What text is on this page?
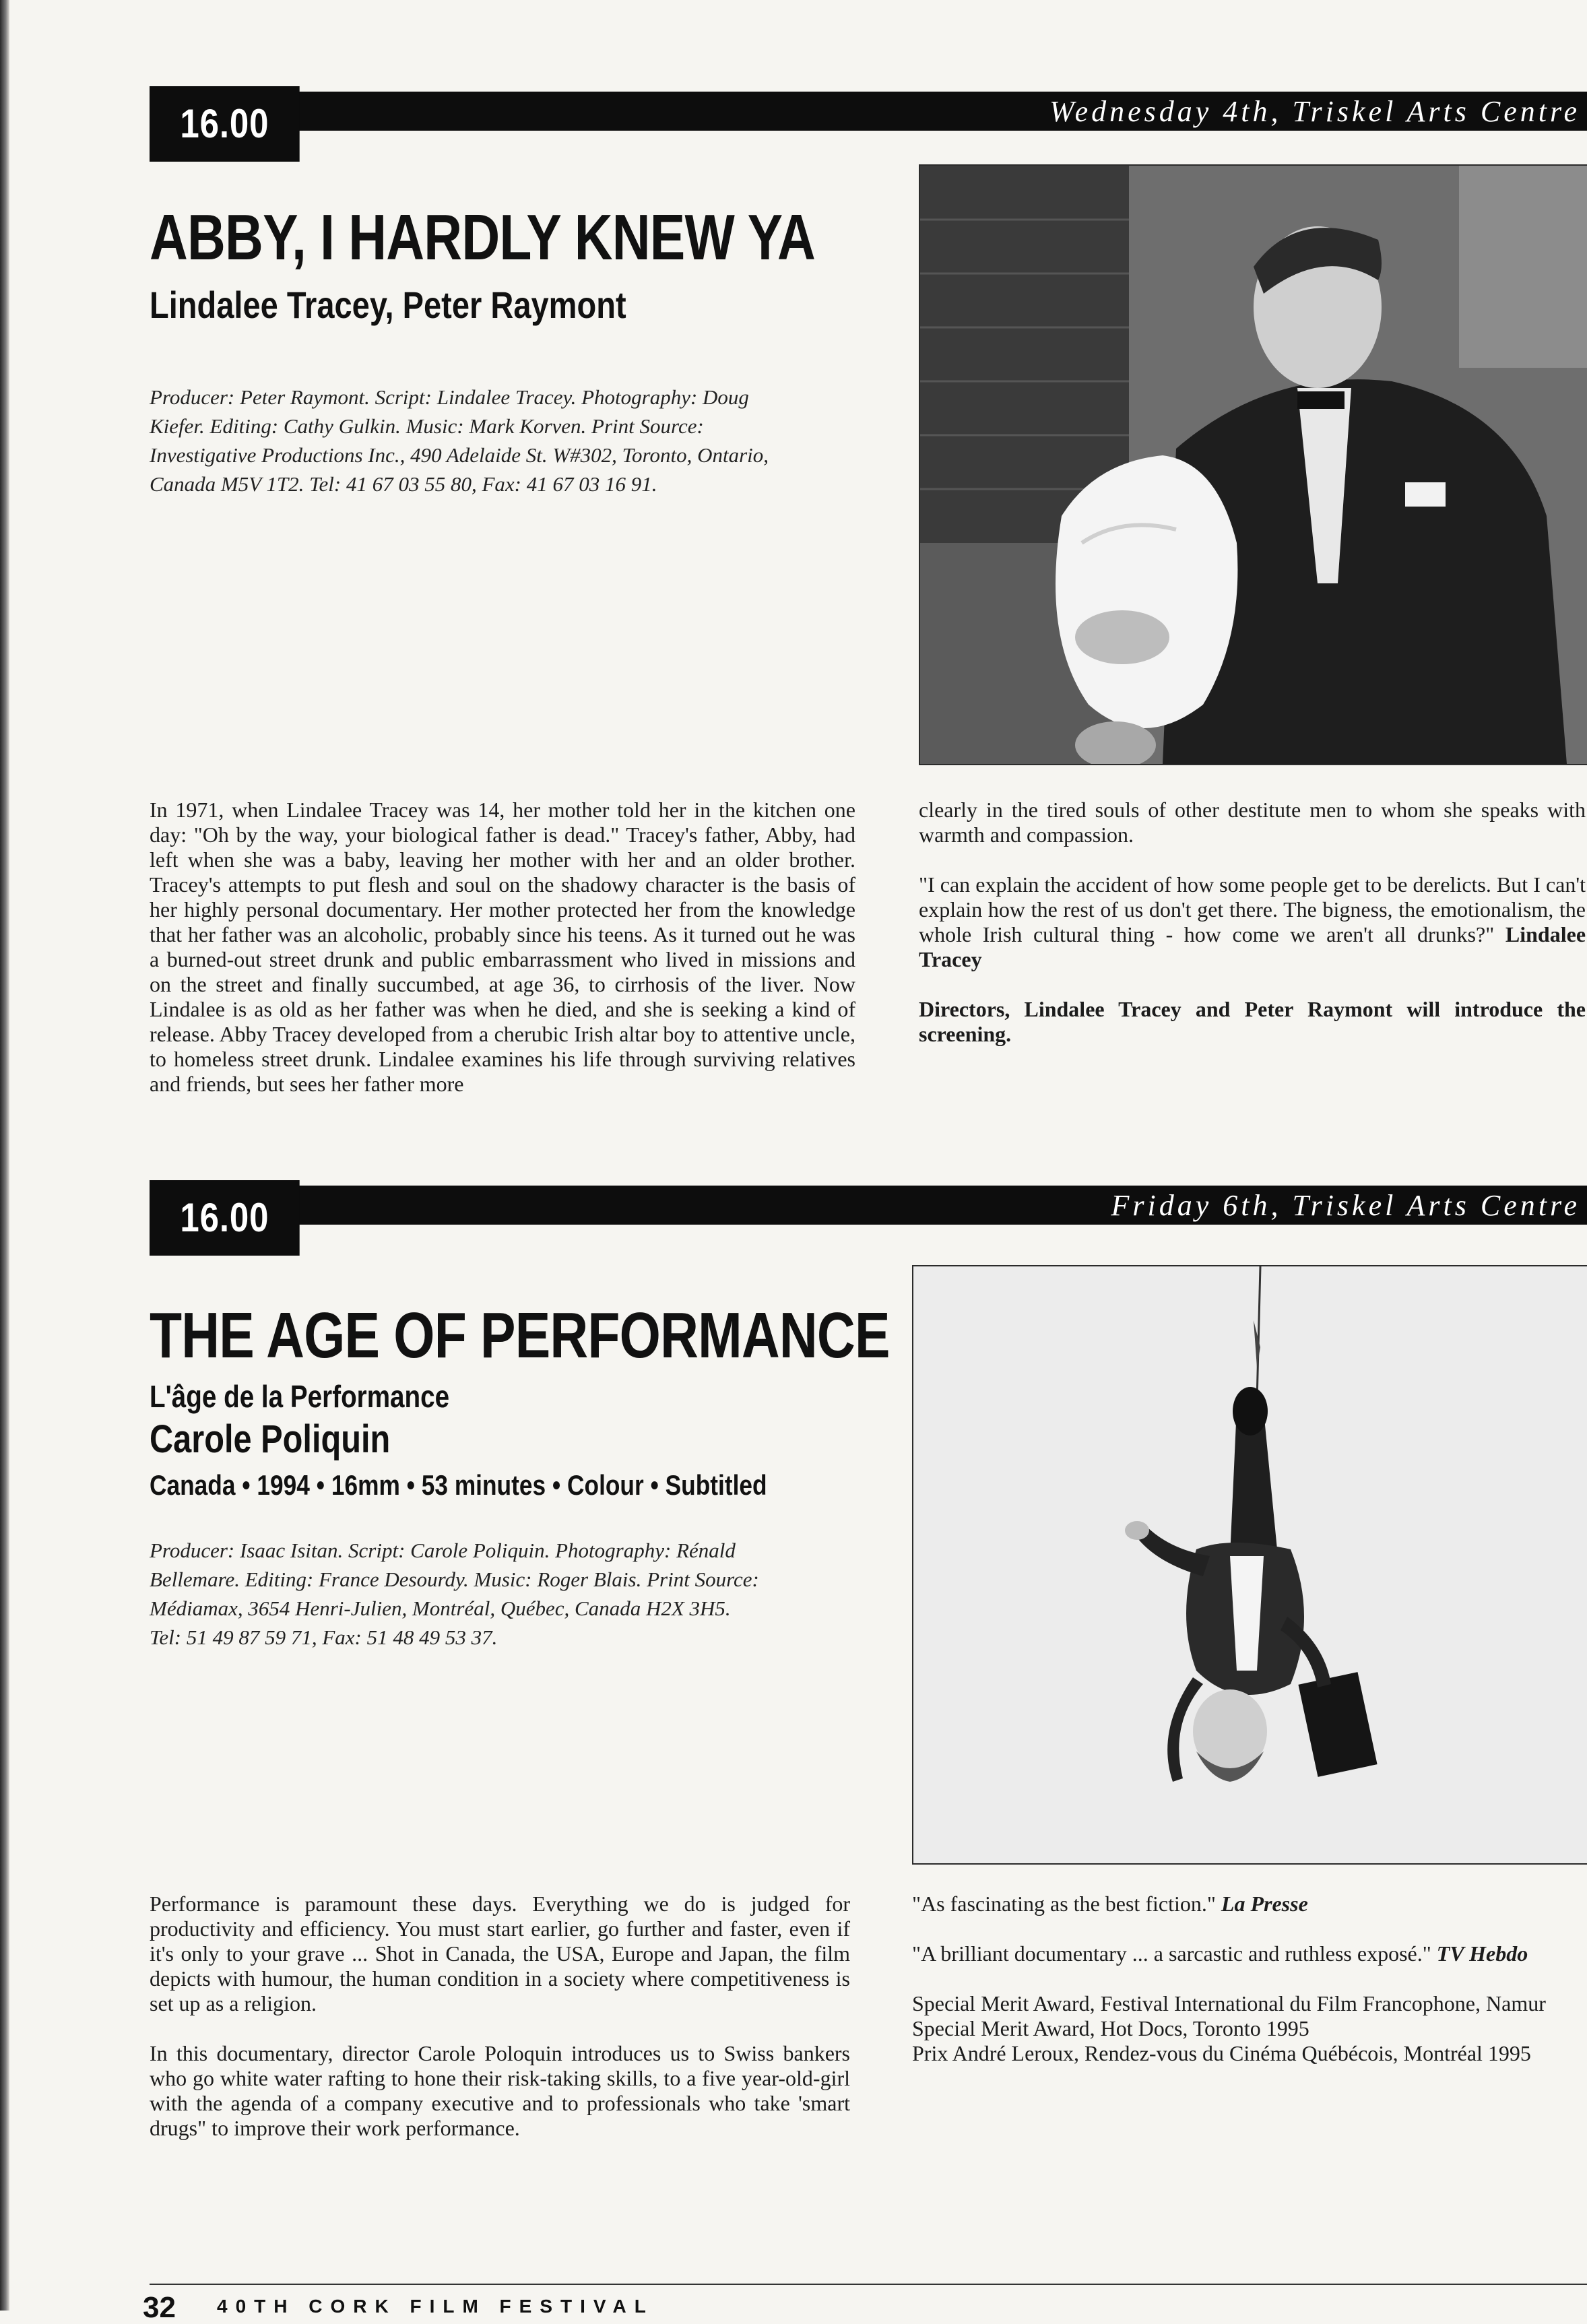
Wednesday 4th, Triskel Arts Centre
16.00
ABBY, I HARDLY KNEW YA
Lindalee Tracey, Peter Raymont
Producer: Peter Raymont. Script: Lindalee Tracey. Photography: Doug
Kiefer. Editing: Cathy Gulkin. Music: Mark Korven. Print Source:
Investigative Productions Inc., 490 Adelaide St. W#302, Toronto, Ontario,
Canada M5V 1T2. Tel: 41 67 03 55 80, Fax: 41 67 03 16 91.

In 1971, when Lindalee Tracey was 14, her mother told her in the kitchen one day: "Oh by the way, your biological father is dead." Tracey's father, Abby, had left when she was a baby, leaving her mother with her and an older brother. Tracey's attempts to put flesh and soul on the shadowy character is the basis of her highly personal documentary. Her mother protected her from the knowledge that her father was an alcoholic, probably since his teens. As it turned out he was a burned-out street drunk and public embarrassment who lived in missions and on the street and finally succumbed, at age 36, to cirrhosis of the liver. Now Lindalee is as old as her father was when he died, and she is seeking a kind of release. Abby Tracey developed from a cherubic Irish altar boy to attentive uncle, to homeless street drunk. Lindalee examines his life through surviving relatives and friends, but sees her father more

clearly in the tired souls of other destitute men to whom she speaks with warmth and compassion.

"I can explain the accident of how some people get to be derelicts. But I can't explain how the rest of us don't get there. The bigness, the emotionalism, the whole Irish cultural thing - how come we aren't all drunks?" Lindalee Tracey

Directors, Lindalee Tracey and Peter Raymont will introduce the screening.

Friday 6th, Triskel Arts Centre
16.00
THE AGE OF PERFORMANCE
L'âge de la Performance
Carole Poliquin
Canada • 1994 • 16mm • 53 minutes • Colour • Subtitled
Producer: Isaac Isitan. Script: Carole Poliquin. Photography: Rénald
Bellemare. Editing: France Desourdy. Music: Roger Blais. Print Source:
Médiamax, 3654 Henri-Julien, Montréal, Québec, Canada H2X 3H5.
Tel: 51 49 87 59 71, Fax: 51 48 49 53 37.

Performance is paramount these days. Everything we do is judged for productivity and efficiency. You must start earlier, go further and faster, even if it's only to your grave ... Shot in Canada, the USA, Europe and Japan, the film depicts with humour, the human condition in a society where competitiveness is set up as a religion.

In this documentary, director Carole Poloquin introduces us to Swiss bankers who go white water rafting to hone their risk-taking skills, to a five year-old-girl with the agenda of a company executive and to professionals who take 'smart drugs" to improve their work performance.

"As fascinating as the best fiction." La Presse

"A brilliant documentary ... a sarcastic and ruthless exposé." TV Hebdo

Special Merit Award, Festival International du Film Francophone, Namur
Special Merit Award, Hot Docs, Toronto 1995
Prix André Leroux, Rendez-vous du Cinéma Québécois, Montréal 1995
32 40TH CORK FILM FESTIVAL
